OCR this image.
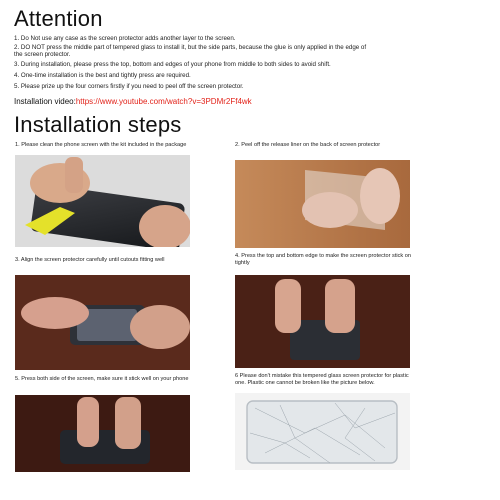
Attention
1. Do Not use any case as the screen protector adds another layer to the screen.
2. DO NOT press the middle part of tempered glass to install it, but the side parts, because the glue is only applied in the edge of the screen protector.
3. During installation, please press the top, bottom and edges of your phone from middle to both sides to avoid shift.
4. One-time installation is the best and tightly press are required.
5. Please prize up the four corners firstly if you need to peel off the screen protector.
Installation video:https://www.youtube.com/watch?v=3PDMr2Ff4wk
Installation steps
1. Please clean the phone screen with the kit included in the package	2. Peel off the release liner on the back of screen protector
3. Align the screen protector carefully until cutouts fitting well
4. Press the top and bottom edge to make the screen protector stick on tightly
5. Press both side of the screen, make sure it stick well on your phone	6 Please don't mistake this tempered glass screen protector for plastic one. Plastic one cannot be broken like the picture below.
